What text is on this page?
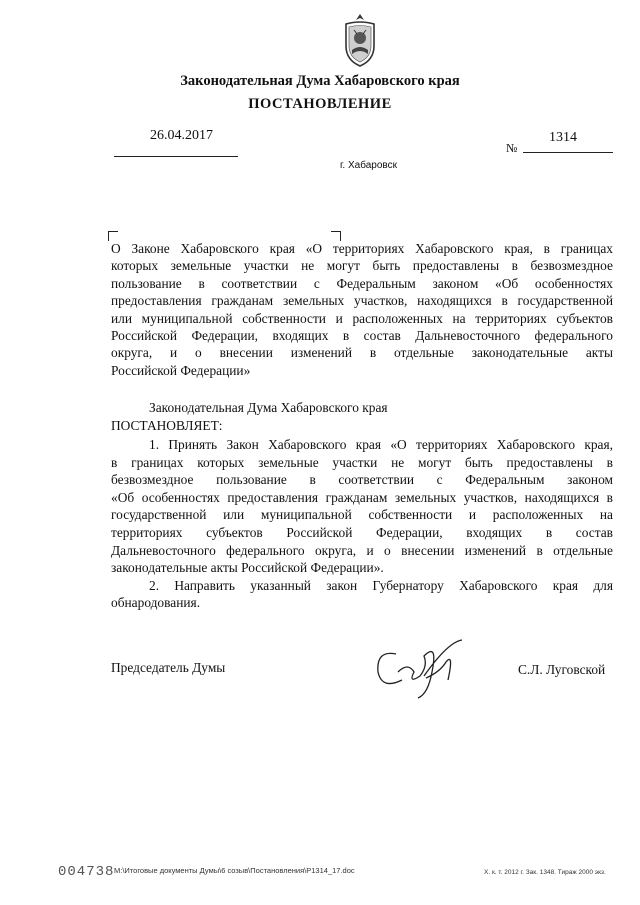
Законодательная Дума Хабаровского края
ПОСТАНОВЛЕНИЕ
26.04.2017
№
1314
г. Хабаровск
О Законе Хабаровского края «О территориях Хабаровского края, в границах
которых земельные участки не могут быть предоставлены в безвозмездное
пользование в соответствии с Федеральным законом «Об особенностях
предоставления гражданам земельных участков, находящихся в государственной
или муниципальной собственности и расположенных на территориях субъектов
Российской Федерации, входящих в состав Дальневосточного федерального
округа, и о внесении изменений в отдельные законодательные акты
Российской Федерации»
Законодательная Дума Хабаровского края
ПОСТАНОВЛЯЕТ:
1. Принять Закон Хабаровского края «О территориях Хабаровского края,
в границах которых земельные участки не могут быть предоставлены в
безвозмездное пользование в соответствии с Федеральным законом
«Об особенностях предоставления гражданам земельных участков, находящихся в
государственной или муниципальной собственности и расположенных на
территориях субъектов Российской Федерации, входящих в состав
Дальневосточного федерального округа, и о внесении изменений в отдельные
законодательные акты Российской Федерации».
2. Направить указанный закон Губернатору Хабаровского края для
обнародования.
Председатель Думы	С.Л. Луговской
004738 М:\Итоговые документы Думы\6 созыв\Постановления\P1314_17.doc	Х. к. т. 2012 г. Зак. 1348. Тираж 2000 экз.
